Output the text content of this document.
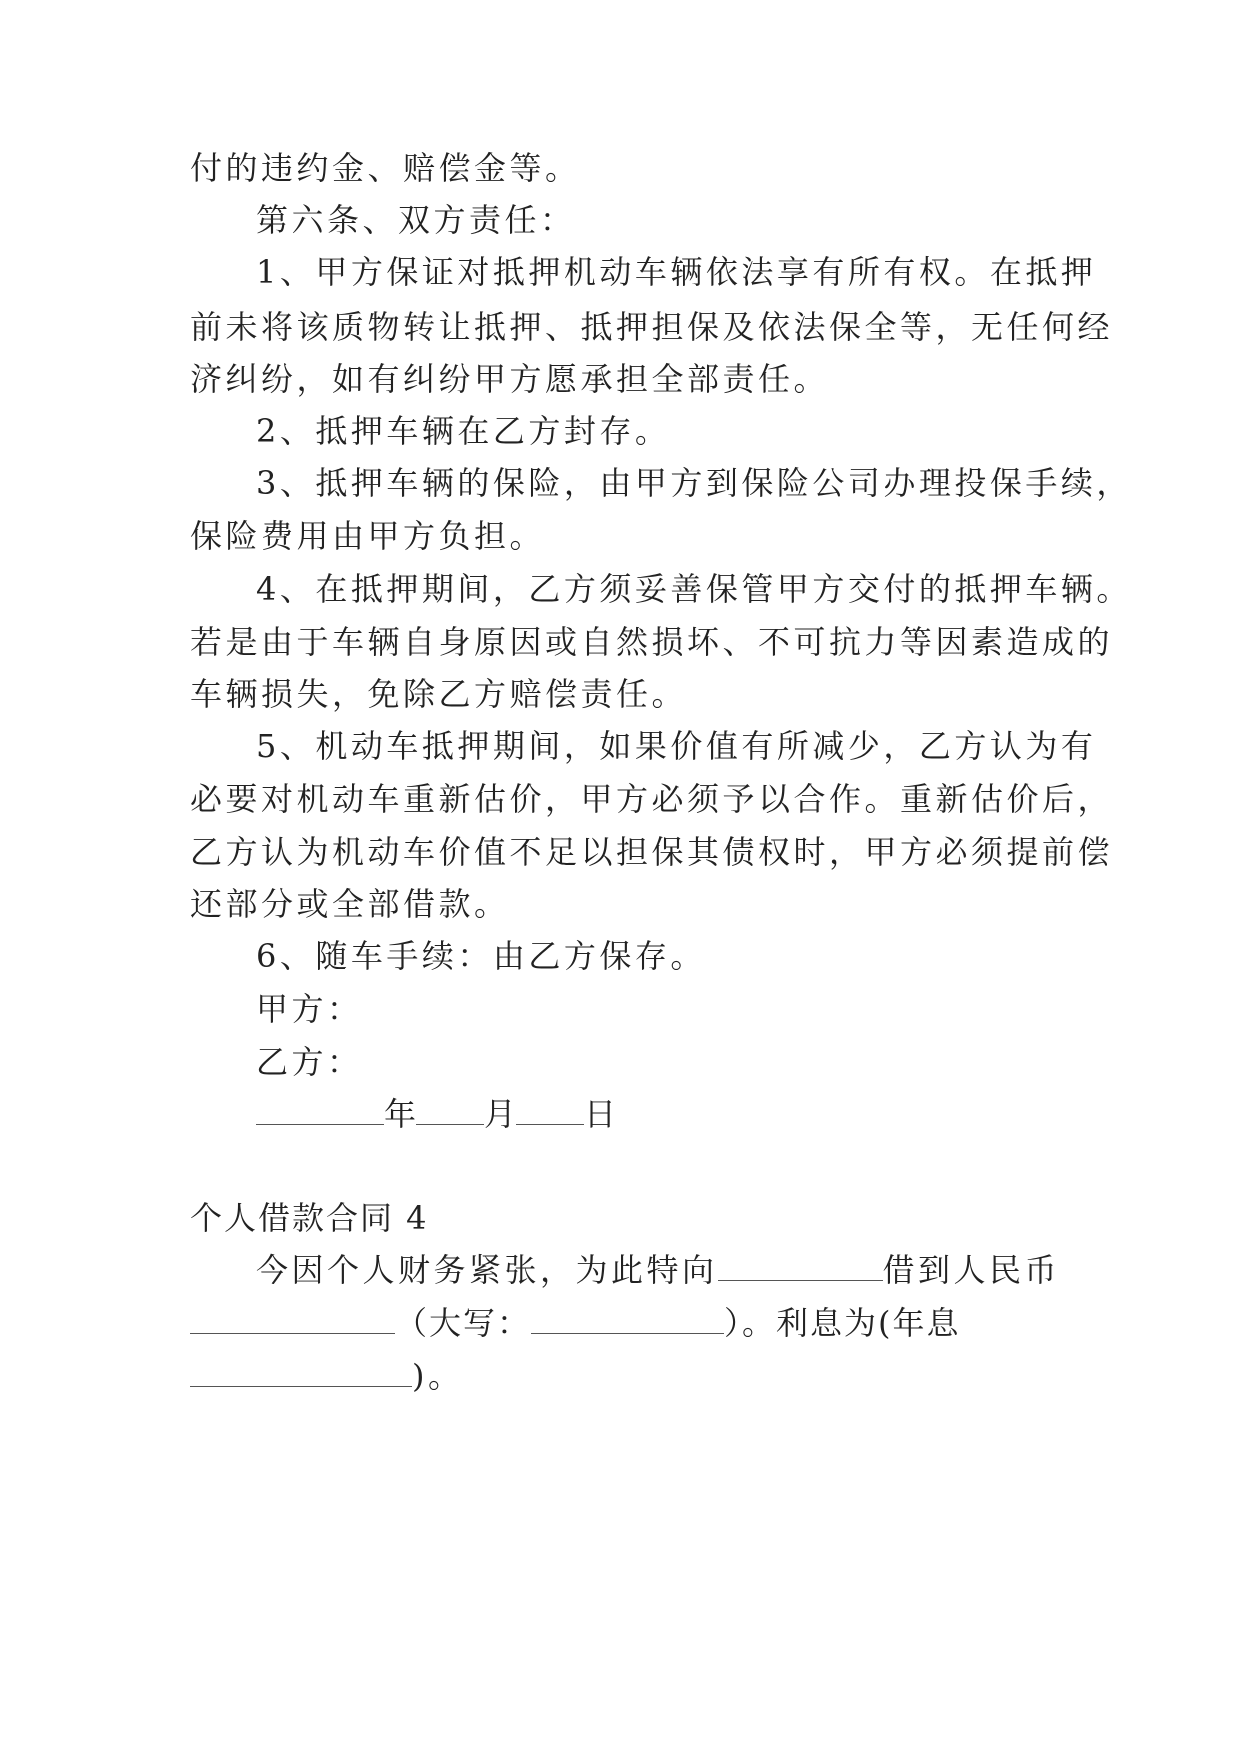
付的违约金、赔偿金等。
第六条、双方责任：
1、甲方保证对抵押机动车辆依法享有所有权。在抵押
前未将该质物转让抵押、抵押担保及依法保全等，无任何经
济纠纷，如有纠纷甲方愿承担全部责任。
2、抵押车辆在乙方封存。
3、抵押车辆的保险，由甲方到保险公司办理投保手续，
保险费用由甲方负担。
4、在抵押期间，乙方须妥善保管甲方交付的抵押车辆。
若是由于车辆自身原因或自然损坏、不可抗力等因素造成的
车辆损失，免除乙方赔偿责任。
5、机动车抵押期间，如果价值有所减少，乙方认为有
必要对机动车重新估价，甲方必须予以合作。重新估价后，
乙方认为机动车价值不足以担保其债权时，甲方必须提前偿
还部分或全部借款。
6、随车手续：由乙方保存。
甲方：
乙方：
年 月 日
个人借款合同 4
今因个人财务紧张，为此特向	借到人民币
（大写：	）。利息为(年息
)。
